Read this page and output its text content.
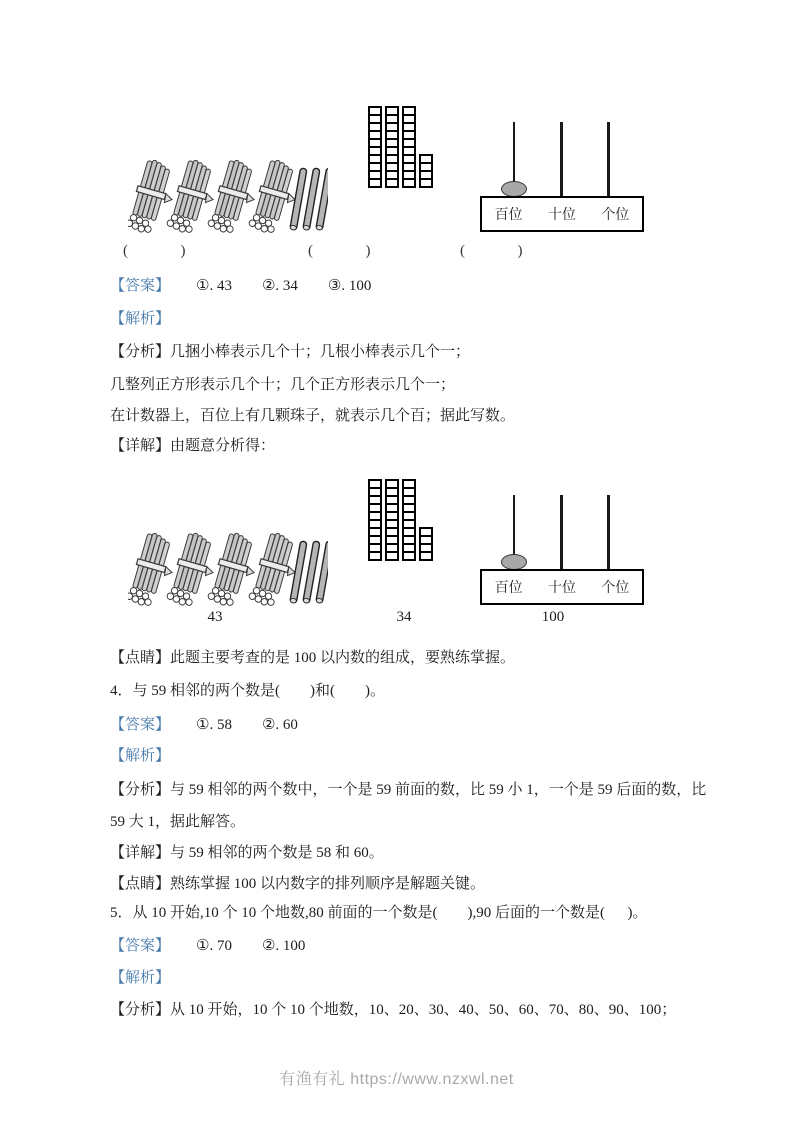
百位 十位 个位
(              )	(              )	(              )
【答案】 ①. 43 ②. 34 ③. 100
【解析】
【分析】几捆小棒表示几个十；几根小棒表示几个一；
几整列正方形表示几个十；几个正方形表示几个一；
在计数器上，百位上有几颗珠子，就表示几个百；据此写数。
【详解】由题意分析得：
百位 十位 个位
43	34	100
【点睛】此题主要考查的是 100 以内数的组成，要熟练掌握。
4．与 59 相邻的两个数是(        )和(        )。
【答案】 ①. 58 ②. 60
【解析】
【分析】与 59 相邻的两个数中，一个是 59 前面的数，比 59 小 1，一个是 59 后面的数，比
59 大 1，据此解答。
【详解】与 59 相邻的两个数是 58 和 60。
【点睛】熟练掌握 100 以内数字的排列顺序是解题关键。
5．从 10 开始,10 个 10 个地数,80 前面的一个数是(        ),90 后面的一个数是(      )。
【答案】 ①. 70 ②. 100
【解析】
【分析】从 10 开始，10 个 10 个地数，10、20、30、40、50、60、70、80、90、100；
有渔有礼 https://www.nzxwl.net
